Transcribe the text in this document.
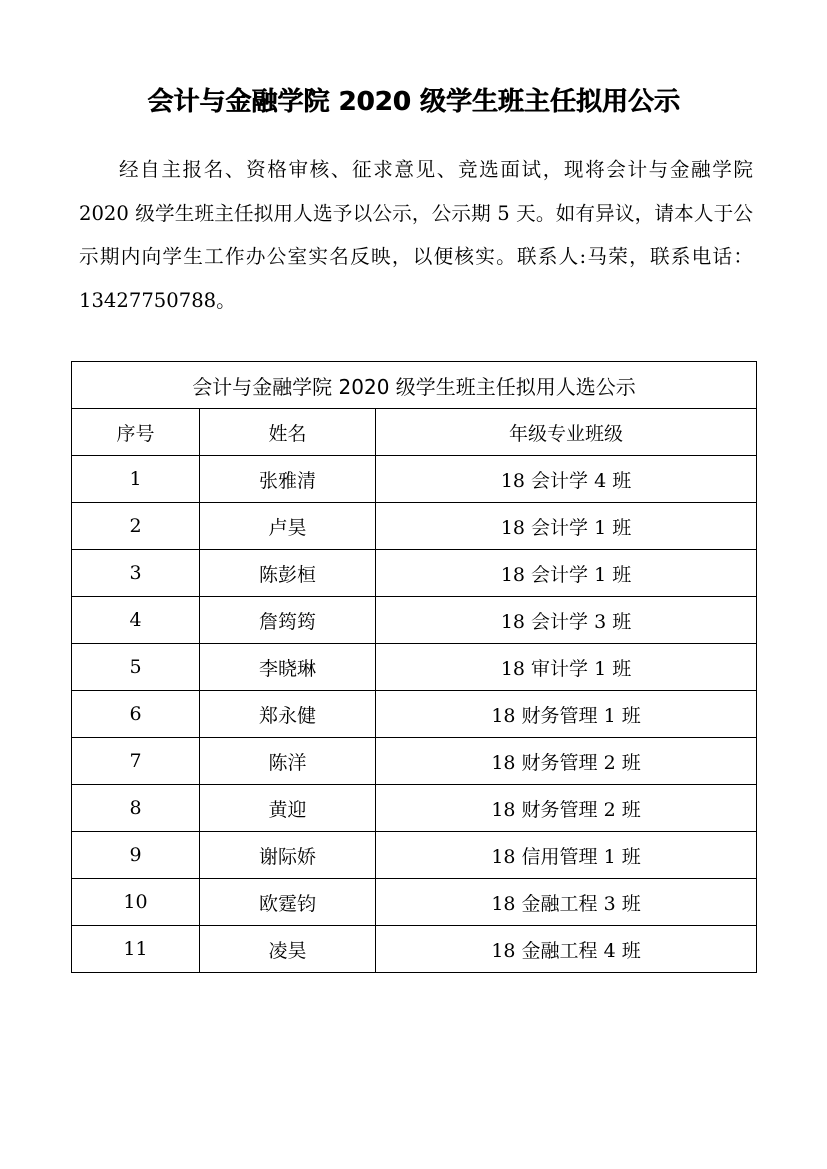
会计与金融学院 2020 级学生班主任拟用公示

经自主报名、资格审核、征求意见、竞选面试，现将会计与金融学院 2020 级学生班主任拟用人选予以公示，公示期 5 天。如有异议，请本人于公示期内向学生工作办公室实名反映，以便核实。联系人:马荣，联系电话：13427750788。

会计与金融学院 2020 级学生班主任拟用人选公示		
序号	姓名	年级专业班级
1	张雅清	18 会计学 4 班
2	卢昊	18 会计学 1 班
3	陈彭桓	18 会计学 1 班
4	詹筠筠	18 会计学 3 班
5	李晓琳	18 审计学 1 班
6	郑永健	18 财务管理 1 班
7	陈洋	18 财务管理 2 班
8	黄迎	18 财务管理 2 班
9	谢际娇	18 信用管理 1 班
10	欧霆钧	18 金融工程 3 班
11	凌昊	18 金融工程 4 班
